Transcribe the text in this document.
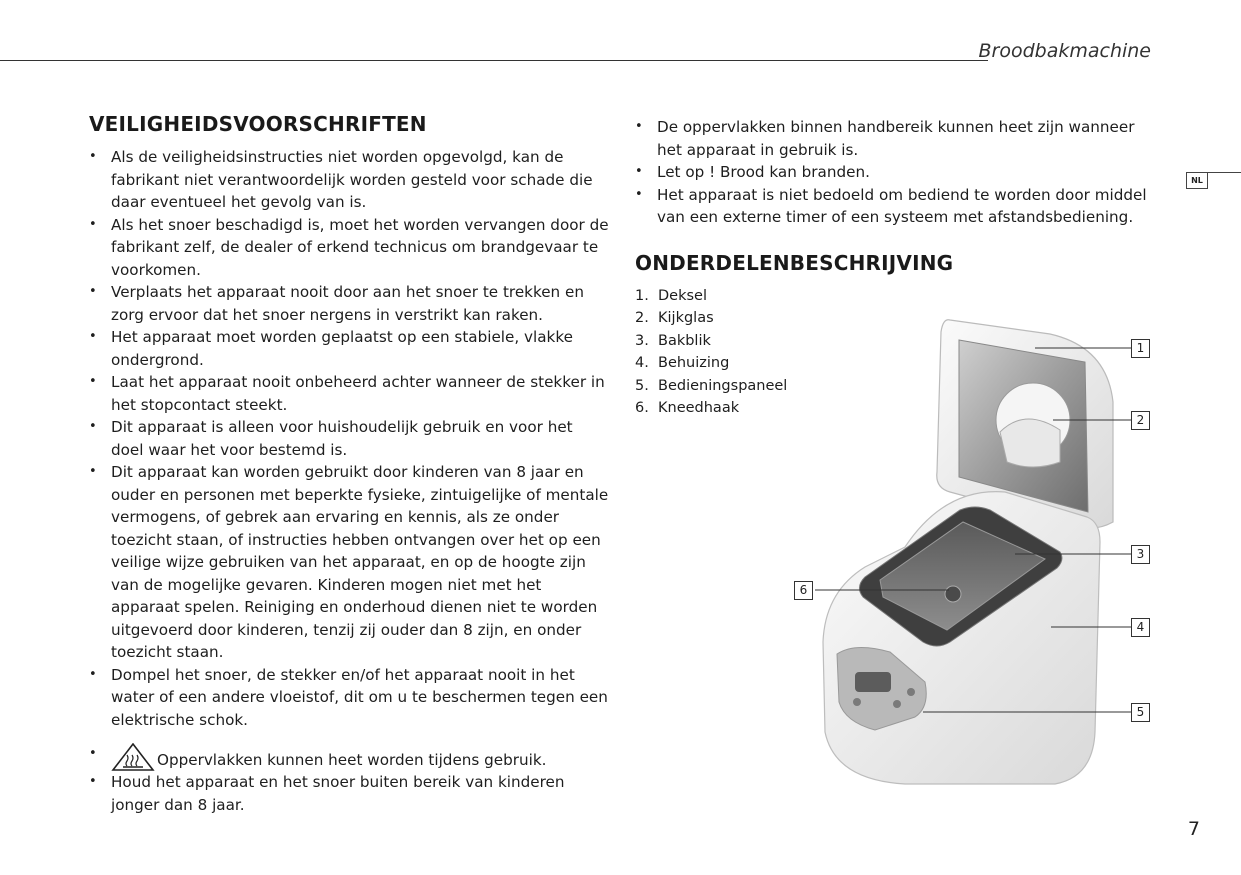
Broodbakmachine
NL
VEILIGHEIDSVOORSCHRIFTEN
• Als de veiligheidsinstructies niet worden opgevolgd, kan de fabrikant niet verantwoordelijk worden gesteld voor schade die daar eventueel het gevolg van is.
• Als het snoer beschadigd is, moet het worden vervangen door de fabrikant zelf, de dealer of erkend technicus om brandgevaar te voorkomen.
• Verplaats het apparaat nooit door aan het snoer te trekken en zorg ervoor dat het snoer nergens in verstrikt kan raken.
• Het apparaat moet worden geplaatst op een stabiele, vlakke ondergrond.
• Laat het apparaat nooit onbeheerd achter wanneer de stekker in het stopcontact steekt.
• Dit apparaat is alleen voor huishoudelijk gebruik en voor het doel waar het voor bestemd is.
• Dit apparaat kan worden gebruikt door kinderen van 8 jaar en ouder en personen met beperkte fysieke, zintuigelijke of mentale vermogens, of gebrek aan ervaring en kennis, als ze onder toezicht staan, of instructies hebben ontvangen over het op een veilige wijze gebruiken van het apparaat, en op de hoogte zijn van de mogelijke gevaren. Kinderen mogen niet met het apparaat spelen. Reiniging en onderhoud dienen niet te worden uitgevoerd door kinderen, tenzij zij ouder dan 8 zijn, en onder toezicht staan.
• Dompel het snoer, de stekker en/of het apparaat nooit in het water of een andere vloeistof, dit om u te beschermen tegen een elektrische schok.
• Oppervlakken kunnen heet worden tijdens gebruik.
• Houd het apparaat en het snoer buiten bereik van kinderen jonger dan 8 jaar.
• De oppervlakken binnen handbereik kunnen heet zijn wanneer het apparaat in gebruik is.
• Let op ! Brood kan branden.
• Het apparaat is niet bedoeld om bediend te worden door middel van een externe timer of een systeem met afstandsbediening.
ONDERDELENBESCHRIJVING
1. Deksel
2. Kijkglas
3. Bakblik
4. Behuizing
5. Bedieningspaneel
6. Kneedhaak
1
2
3
4
5
6
7
